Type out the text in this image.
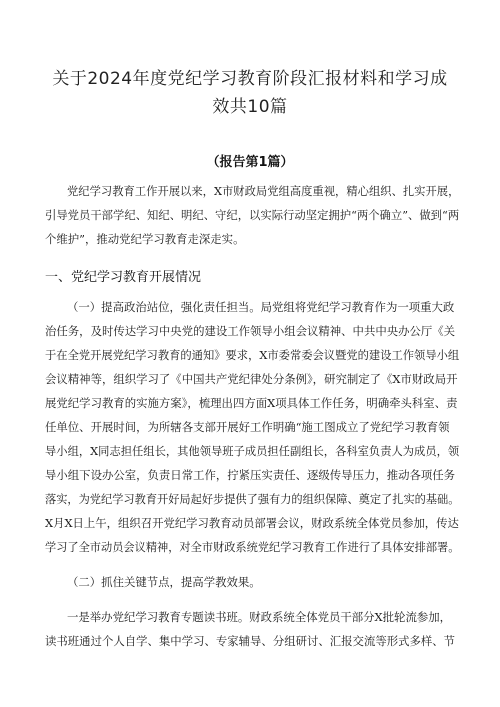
关于2024年度党纪学习教育阶段汇报材料和学习成
效共10篇
（报告第1篇）
党纪学习教育工作开展以来，X市财政局党组高度重视，精心组织、扎实开展，
引导党员干部学纪、知纪、明纪、守纪，以实际行动坚定拥护“两个确立”、做到“两
个维护”，推动党纪学习教育走深走实。
一、党纪学习教育开展情况
（一）提高政治站位，强化责任担当。局党组将党纪学习教育作为一项重大政
治任务，及时传达学习中央党的建设工作领导小组会议精神、中共中央办公厅《关
于在全党开展党纪学习教育的通知》要求，X市委常委会议暨党的建设工作领导小组
会议精神等，组织学习了《中国共产党纪律处分条例》，研究制定了《X市财政局开
展党纪学习教育的实施方案》，梳理出四方面X项具体工作任务，明确牵头科室、责
任单位、开展时间，为所辖各支部开展好工作明确“施工图成立了党纪学习教育领
导小组，X同志担任组长，其他领导班子成员担任副组长，各科室负责人为成员，领
导小组下设办公室，负责日常工作，拧紧压实责任、逐级传导压力，推动各项任务
落实，为党纪学习教育开好局起好步提供了强有力的组织保障、奠定了扎实的基础。
X月X日上午，组织召开党纪学习教育动员部署会议，财政系统全体党员参加，传达
学习了全市动员会议精神，对全市财政系统党纪学习教育工作进行了具体安排部署。
（二）抓住关键节点，提高学教效果。
一是举办党纪学习教育专题读书班。财政系统全体党员干部分X批轮流参加，
读书班通过个人自学、集中学习、专家辅导、分组研讨、汇报交流等形式多样、节
